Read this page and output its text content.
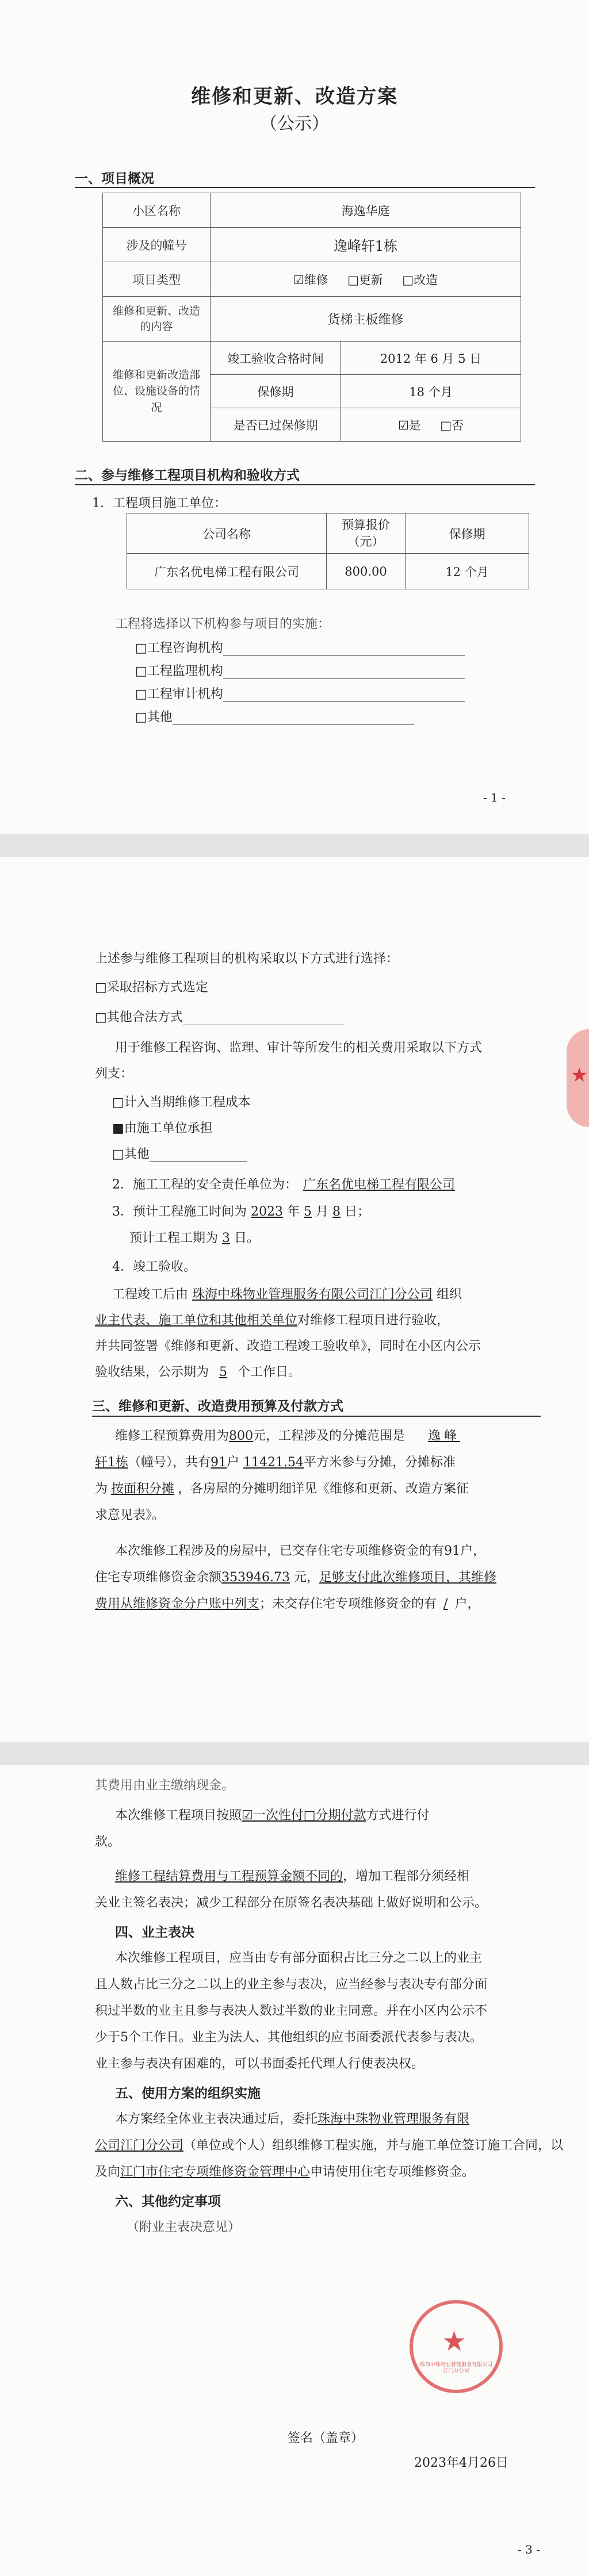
维修和更新、改造方案
（公示）
一、项目概况
小区名称	海逸华庭	
涉及的幢号	逸峰轩1栋	
项目类型	☑维修 □更新 □改造	
维修和更新、改造的内容	货梯主板维修	
维修和更新改造部位、设施设备的情况	竣工验收合格时间	2012 年 6 月 5 日
	保修期	18 个月
	是否已过保修期	☑是 □否
二、参与维修工程项目机构和验收方式
1．工程项目施工单位：
公司名称	预算报价（元）	保修期
广东名优电梯工程有限公司	800.00	12 个月
工程将选择以下机构参与项目的实施：
□工程咨询机构
□工程监理机构
□工程审计机构
□其他
- 1 -
上述参与维修工程项目的机构采取以下方式进行选择：
□采取招标方式选定
□其他合法方式
用于维修工程咨询、监理、审计等所发生的相关费用采取以下方式
列支：
□计入当期维修工程成本
■由施工单位承担
□其他
2．施工工程的安全责任单位为： 广东名优电梯工程有限公司
3．预计工程施工时间为 2023 年 5 月 8 日；
预计工程工期为 3 日。
4．竣工验收。
工程竣工后由 珠海中珠物业管理服务有限公司江门分公司 组织
业主代表、施工单位和其他相关单位对维修工程项目进行验收，
并共同签署《维修和更新、改造工程竣工验收单》，同时在小区内公示
验收结果，公示期为 5 个工作日。
三、维修和更新、改造费用预算及付款方式
维修工程预算费用为800元，工程涉及的分摊范围是 逸峰
轩1栋（幢号），共有91户 11421.54平方米参与分摊，分摊标准
为 按面积分摊 ，各房屋的分摊明细详见《维修和更新、改造方案征
求意见表》。
本次维修工程涉及的房屋中，已交存住宅专项维修资金的有91户，
住宅专项维修资金余额353946.73 元，足够支付此次维修项目，其维修
费用从维修资金分户账中列支；未交存住宅专项维修资金的有 / 户，
★
其费用由业主缴纳现金。
本次维修工程项目按照☑一次性付□分期付款方式进行付
款。
维修工程结算费用与工程预算金额不同的，增加工程部分须经相
关业主签名表决；减少工程部分在原签名表决基础上做好说明和公示。
四、业主表决
本次维修工程项目，应当由专有部分面积占比三分之二以上的业主
且人数占比三分之二以上的业主参与表决，应当经参与表决专有部分面
积过半数的业主且参与表决人数过半数的业主同意。并在小区内公示不
少于5个工作日。业主为法人、其他组织的应书面委派代表参与表决。
业主参与表决有困难的，可以书面委托代理人行使表决权。
五、使用方案的组织实施
本方案经全体业主表决通过后，委托珠海中珠物业管理服务有限
公司江门分公司（单位或个人）组织维修工程实施，并与施工单位签订施工合同，以
及向江门市住宅专项维修资金管理中心申请使用住宅专项维修资金。
六、其他约定事项
（附业主表决意见）
★
珠海中珠物业管理服务有限公司江门分公司
签名（盖章）
2023年4月26日
- 3 -
